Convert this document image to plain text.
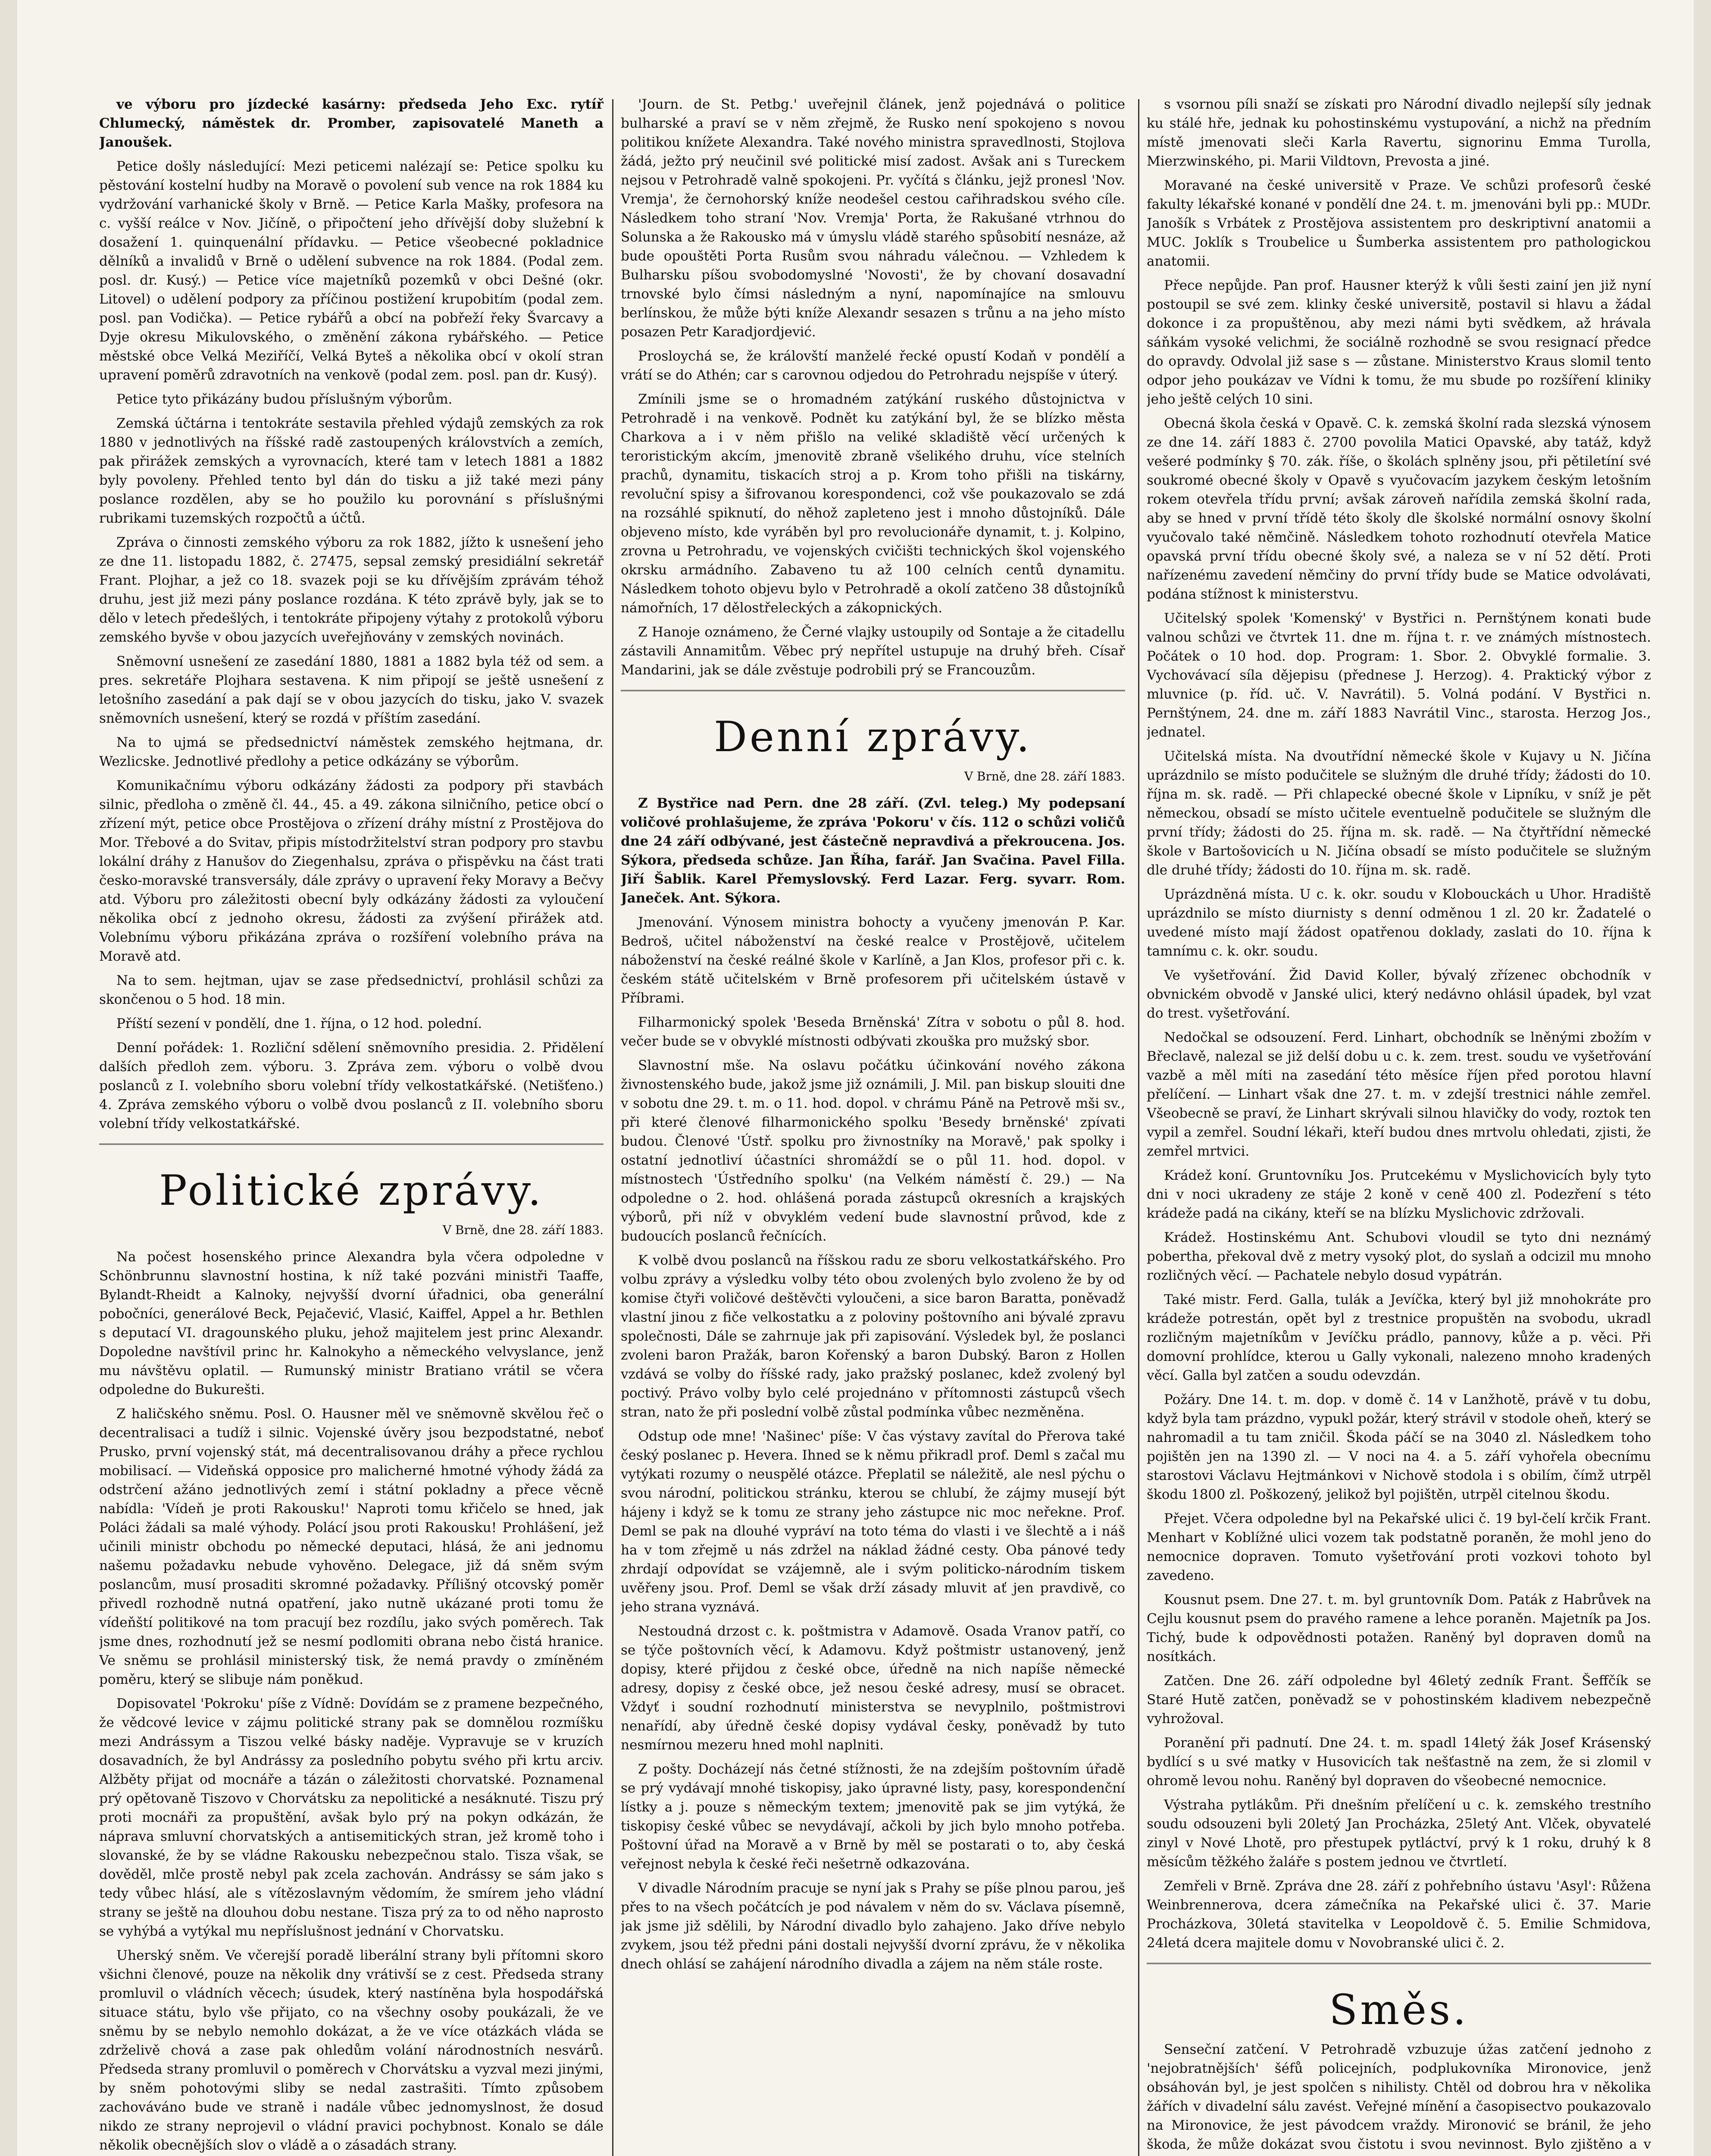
ve výboru pro jízdecké kasárny: předseda Jeho Exc. rytíř Chlumecký, náměstek dr. Promber, zapisovatelé Maneth a Janoušek.

Petice došly následující: Mezi peticemi nalézají se: Petice spolku ku pěstování kostelní hudby na Moravě o povolení sub vence na rok 1884 ku vydržování varhanické školy v Brně. — Petice Karla Mašky, profesora na c. vyšší reálce v Nov. Jičíně, o připočtení jeho dřívější doby služební k dosažení 1. quinquenální přídavku. — Petice všeobecné pokladnice dělníků a invalidů v Brně o udělení subvence na rok 1884. (Podal zem. posl. dr. Kusý.) — Petice více majetníků pozemků v obci Dešné (okr. Litovel) o udělení podpory za příčinou postižení krupobitím (podal zem. posl. pan Vodička). — Petice rybářů a obcí na pobřeží řeky Švarcavy a Dyje okresu Mikulovského, o změnění zákona rybářského. — Petice městské obce Velká Meziříčí, Velká Byteš a několika obcí v okolí stran upravení poměrů zdravotních na venkově (podal zem. posl. pan dr. Kusý).

Petice tyto přikázány budou příslušným výborům.

Zemská účtárna i tentokráte sestavila přehled výdajů zemských za rok 1880 v jednotlivých na říšské radě zastoupených královstvích a zemích, pak přirážek zemských a vyrovnacích, které tam v letech 1881 a 1882 byly povoleny. Přehled tento byl dán do tisku a již také mezi pány poslance rozdělen, aby se ho použilo ku porovnání s příslušnými rubrikami tuzemských rozpočtů a účtů.

Zpráva o činnosti zemského výboru za rok 1882, jížto k usnešení jeho ze dne 11. listopadu 1882, č. 27475, sepsal zemský presidiální sekretář Frant. Plojhar, a jež co 18. svazek poji se ku dřívějším zprávám téhož druhu, jest již mezi pány poslance rozdána. K této zprávě byly, jak se to dělo v letech předešlých, i tentokráte připojeny výtahy z protokolů výboru zemského byvše v obou jazycích uveřejňovány v zemských novinách.

Sněmovní usnešení ze zasedání 1880, 1881 a 1882 byla též od sem. a pres. sekretáře Plojhara sestavena. K nim připojí se ještě usnešení z letošního zasedání a pak dají se v obou jazycích do tisku, jako V. svazek sněmovních usnešení, který se rozdá v příštím zasedání.

Na to ujmá se předsednictví náměstek zemského hejtmana, dr. Wezlicske. Jednotlivé předlohy a petice odkázány se výborům.

Komunikačnímu výboru odkázány žádosti za podpory při stavbách silnic, předloha o změně čl. 44., 45. a 49. zákona silničního, petice obcí o zřízení mýt, petice obce Prostějova o zřízení dráhy místní z Prostějova do Mor. Třebové a do Svitav, připis místodržitelství stran podpory pro stavbu lokální dráhy z Hanušov do Ziegenhalsu, zpráva o přispěvku na část trati česko-moravské transversály, dále zprávy o upravení řeky Moravy a Bečvy atd. Výboru pro záležitosti obecní byly odkázány žádosti za vyloučení několika obcí z jednoho okresu, žádosti za zvýšení přirážek atd. Volebnímu výboru přikázána zpráva o rozšíření volebního práva na Moravě atd.

Na to sem. hejtman, ujav se zase předsednictví, prohlásil schůzi za skončenou o 5 hod. 18 min.

Příští sezení v pondělí, dne 1. října, o 12 hod. polední.

Denní pořádek: 1. Rozliční sdělení sněmovního presidia. 2. Přidělení dalších předloh zem. výboru. 3. Zpráva zem. výboru o volbě dvou poslanců z I. volebního sboru volební třídy velkostatkářské. (Netišťeno.) 4. Zpráva zemského výboru o volbě dvou poslanců z II. volebního sboru volební třídy velkostatkářské.

Politické zprávy.
V Brně, dne 28. září 1883.

Na počest hosenského prince Alexandra byla včera odpoledne v Schönbrunnu slavnostní hostina, k níž také pozváni ministři Taaffe, Bylandt-Rheidt a Kalnoky, nejvyšší dvorní úřadnici, oba generální pobočníci, generálové Beck, Pejačević, Vlasić, Kaiffel, Appel a hr. Bethlen s deputací VI. dragounského pluku, jehož majitelem jest princ Alexandr. Dopoledne navštívil princ hr. Kalnokyho a německého velvyslance, jenž mu návštěvu oplatil. — Rumunský ministr Bratiano vrátil se včera odpoledne do Bukurešti.

Z haličského sněmu. Posl. O. Hausner měl ve sněmovně skvělou řeč o decentralisaci a tudíž i silnic. Vojenské úvěry jsou bezpodstatné, neboť Prusko, první vojenský stát, má decentralisovanou dráhy a přece rychlou mobilisací. — Videňská opposice pro malicherné hmotné výhody žádá za odstrčení ažáno jednotlivých zemí i státní pokladny a přece věcně nabídla: 'Vídeň je proti Rakousku!' Naproti tomu křičelo se hned, jak Poláci žádali sa malé výhody. Polácí jsou proti Rakousku! Prohlášení, jež učinili ministr obchodu po německé deputaci, hlásá, že ani jednomu našemu požadavku nebude vyhověno. Delegace, již dá sněm svým poslancům, musí prosaditi skromné požadavky. Přílišný otcovský poměr přivedl rozhodně nutná opatření, jako nutně ukázané proti tomu že vídeňští politikové na tom pracují bez rozdílu, jako svých poměrech. Tak jsme dnes, rozhodnutí jež se nesmí podlomiti obrana nebo čistá hranice. Ve sněmu se prohlásil ministerský tisk, že nemá pravdy o zmíněném poměru, který se slibuje nám poněkud.

Dopisovatel 'Pokroku' píše z Vídně: Dovídám se z pramene bezpečného, že vědcové levice v zájmu politické strany pak se domnělou rozmíšku mezi Andrássym a Tiszou velké básky naděje. Vypravuje se v kruzích dosavadních, že byl Andrássy za posledního pobytu svého při krtu arciv. Alžběty přijat od mocnáře a tázán o záležitosti chorvatské. Poznamenal prý opětovaně Tiszovo v Chorvátsku za nepolitické a nesáknuté. Tiszu prý proti mocnáři za propuštění, avšak bylo prý na pokyn odkázán, že náprava smluvní chorvatských a antisemitických stran, jež kromě toho i slovanské, že by se vládne Rakousku nebezpečnou stalo. Tisza však, se dověděl, mlče prostě nebyl pak zcela zachován. Andrássy se sám jako s tedy vůbec hlásí, ale s vítězoslavným vědomím, že smírem jeho vládní strany se ještě na dlouhou dobu nestane. Tisza prý za to od něho naprosto se vyhýbá a vytýkal mu nepříslušnost jednání v Chorvatsku.

Uherský sněm. Ve včerejší poradě liberální strany byli přítomni skoro všichni členové, pouze na několik dny vrátivší se z cest. Předseda strany promluvil o vládních věcech; úsudek, který nastíněna byla hospodářská situace státu, bylo vše přijato, co na všechny osoby poukázali, že ve sněmu by se nebylo nemohlo dokázat, a že ve více otázkách vláda se zdrželivě chová a zase pak ohledům volání národnostních nesvárů. Předseda strany promluvil o poměrech v Chorvátsku a vyzval mezi jinými, by sněm pohotovými sliby se nedal zastrašiti. Tímto způsobem zachováváno bude ve straně i nadále vůbec jednomyslnost, že dosud nikdo ze strany neprojevil o vládní pravici pochybnost. Konalo se dále několik obecnějších slov o vládě a o zásadách strany.

'Journ. de St. Petbg.' uveřejnil článek, jenž pojednává o politice bulharské a praví se v něm zřejmě, že Rusko není spokojeno s novou politikou knížete Alexandra. Také nového ministra spravedlnosti, Stojlova žádá, ježto prý neučinil své politické misí zadost. Avšak ani s Tureckem nejsou v Petrohradě valně spokojeni. Pr. vyčítá s článku, jejž pronesl 'Nov. Vremja', že černohorský kníže neodešel cestou cařihradskou svého cíle. Následkem toho straní 'Nov. Vremja' Porta, že Rakušané vtrhnou do Solunska a že Rakousko má v úmyslu vládě starého spůsobití nesnáze, až bude opouštěti Porta Rusům svou náhradu válečnou. — Vzhledem k Bulharsku píšou svobodomyslné 'Novosti', že by chovaní dosavadní trnovské bylo čímsi následným a nyní, napomínajíce na smlouvu berlínskou, že může býti kníže Alexandr sesazen s trůnu a na jeho místo posazen Petr Karadjordjević.

Prosloychá se, že královští manželé řecké opustí Kodaň v pondělí a vrátí se do Athén; car s carovnou odjedou do Petrohradu nejspíše v úterý.

Zmínili jsme se o hromadném zatýkání ruského důstojnictva v Petrohradě i na venkově. Podnět ku zatýkání byl, že se blízko města Charkova a i v něm přišlo na veliké skladiště věcí určených k teroristickým akcím, jmenovitě zbraně všelikého druhu, více stelních prachů, dynamitu, tiskacích stroj a p. Krom toho přišli na tiskárny, revoluční spisy a šifrovanou korespondenci, což vše poukazovalo se zdá na rozsáhlé spiknutí, do něhož zapleteno jest i mnoho důstojníků. Dále objeveno místo, kde vyráběn byl pro revolucionáře dynamit, t. j. Kolpino, zrovna u Petrohradu, ve vojenských cvičišti technických škol vojenského okrsku armádního. Zabaveno tu až 100 celních centů dynamitu. Následkem tohoto objevu bylo v Petrohradě a okolí zatčeno 38 důstojníků námořních, 17 dělostřeleckých a zákopnických.

Z Hanoje oznámeno, že Černé vlajky ustoupily od Sontaje a že citadellu zástavili Annamitům. Věbec prý nepřítel ustupuje na druhý břeh. Císař Mandarini, jak se dále zvěstuje podrobili prý se Francouzům.

Denní zprávy.
V Brně, dne 28. září 1883.

Z Bystřice nad Pern. dne 28 září. (Zvl. teleg.) My podepsaní voličové prohlašujeme, že zpráva 'Pokoru' v čís. 112 o schůzi voličů dne 24 září odbývané, jest částečně nepravdivá a překroucena. Jos. Sýkora, předseda schůze. Jan Říha, farář. Jan Svačina. Pavel Filla. Jiří Šablik. Karel Přemyslovský. Ferd Lazar. Ferg. syvarr. Rom. Janeček. Ant. Sýkora.

Jmenování. Výnosem ministra bohocty a vyučeny jmenován P. Kar. Bedroš, učitel náboženství na české realce v Prostějově, učitelem náboženství na české reálné škole v Karlíně, a Jan Klos, profesor při c. k. českém státě učitelském v Brně profesorem při učitelském ústavě v Příbrami.

Filharmonický spolek 'Beseda Brněnská' Zítra v sobotu o půl 8. hod. večer bude se v obvyklé místnosti odbývati zkouška pro mužský sbor.

Slavnostní mše. Na oslavu počátku účinkování nového zákona živnostenského bude, jakož jsme již oznámili, J. Mil. pan biskup slouiti dne v sobotu dne 29. t. m. o 11. hod. dopol. v chrámu Páně na Petrově mši sv., při které členové filharmonického spolku 'Besedy brněnské' zpívati budou. Členové 'Ústř. spolku pro živnostníky na Moravě,' pak spolky i ostatní jednotliví účastníci shromáždí se o půl 11. hod. dopol. v místnostech 'Ústředního spolku' (na Velkém náměstí č. 29.) — Na odpoledne o 2. hod. ohlášená porada zástupců okresních a krajských výborů, při níž v obvyklém vedení bude slavnostní průvod, kde z budoucích poslanců řečnících.

K volbě dvou poslanců na říšskou radu ze sboru velkostatkářského. Pro volbu zprávy a výsledku volby této obou zvolených bylo zvoleno že by od komise čtyři voličové deštěvčti vyloučeni, a sice baron Baratta, poněvadž vlastní jinou z fiče velkostatku a z poloviny poštovního ani bývalé zpravu společnosti, Dále se zahrnuje jak při zapisování. Výsledek byl, že poslanci zvoleni baron Pražák, baron Kořenský a baron Dubský. Baron z Hollen vzdává se volby do říšské rady, jako pražský poslanec, kdež zvolený byl poctivý. Právo volby bylo celé projednáno v přítomnosti zástupců všech stran, nato že při poslední volbě zůstal podmínka vůbec nezměněna.

Odstup ode mne! 'Našinec' píše: V čas výstavy zavítal do Přerova také český poslanec p. Hevera. Ihned se k němu přikradl prof. Deml s začal mu vytýkati rozumy o neuspělé otázce. Přeplatil se náležitě, ale nesl pýchu o svou národní, politickou stránku, kterou se chlubí, že zájmy musejí být hájeny i když se k tomu ze strany jeho zástupce nic moc neřekne. Prof. Deml se pak na dlouhé vypráví na toto téma do vlasti i ve šlechtě a i náš ha v tom zřejmě u nás zdržel na náklad žádné cesty. Oba pánové tedy zhrdají odpovídat se vzájemně, ale i svým politicko-národním tiskem uvěřeny jsou. Prof. Deml se však drží zásady mluvit ať jen pravdivě, co jeho strana vyznává.

Nestoudná drzost c. k. poštmistra v Adamově. Osada Vranov patří, co se týče poštovních věcí, k Adamovu. Když poštmistr ustanovený, jenž dopisy, které přijdou z české obce, úředně na nich napíše německé adresy, dopisy z české obce, jež nesou české adresy, musí se obracet. Vždyť i soudní rozhodnutí ministerstva se nevyplnilo, poštmistrovi nenařídí, aby úředně české dopisy vydával česky, poněvadž by tuto nesmírnou mezeru hned mohl naplniti.

Z pošty. Docházejí nás četné stížnosti, že na zdejším poštovním úřadě se prý vydávají mnohé tiskopisy, jako úpravné listy, pasy, korespondenční lístky a j. pouze s německým textem; jmenovitě pak se jim vytýká, že tiskopisy české vůbec se nevydávají, ačkoli by jich bylo mnoho potřeba. Poštovní úřad na Moravě a v Brně by měl se postarati o to, aby česká veřejnost nebyla k české řeči nešetrně odkazována.

V divadle Národním pracuje se nyní jak s Prahy se píše plnou parou, ješ přes to na všech počátcích je pod návalem v něm do sv. Václava písemně, jak jsme již sdělili, by Národní divadlo bylo zahajeno. Jako dříve nebylo zvykem, jsou též předni páni dostali nejvyšší dvorní zprávu, že v několika dnech ohlásí se zahájení národního divadla a zájem na něm stále roste.

s vsornou píli snaží se získati pro Národní divadlo nejlepší síly jednak ku stálé hře, jednak ku pohostinskému vystupování, a nichž na předním místě jmenovati sleči Karla Ravertu, signorinu Emma Turolla, Mierzwinského, pi. Marii Vildtovn, Prevosta a jiné.

Moravané na české universitě v Praze. Ve schůzi profesorů české fakulty lékařské konané v pondělí dne 24. t. m. jmenováni byli pp.: MUDr. Janošík s Vrbátek z Prostějova assistentem pro deskriptivní anatomii a MUC. Joklík s Troubelice u Šumberka assistentem pro pathologickou anatomii.

Přece nepůjde. Pan prof. Hausner kterýž k vůli šesti zainí jen již nyní postoupil se své zem. klinky české universitě, postavil si hlavu a žádal dokonce i za propuštěnou, aby mezi námi byti svědkem, až hrávala sáňkám vysoké velichmi, že sociálně rozhodně se svou resignací předce do opravdy. Odvolal již sase s — zůstane. Ministerstvo Kraus slomil tento odpor jeho poukázav ve Vídni k tomu, že mu sbude po rozšíření kliniky jeho ještě celých 10 sini.

Obecná škola česká v Opavě. C. k. zemská školní rada slezská výnosem ze dne 14. září 1883 č. 2700 povolila Matici Opavské, aby tatáž, když vešeré podmínky § 70. zák. říše, o školách splněny jsou, při pětiletíní své soukromé obecné školy v Opavě s vyučovacím jazykem českým letošním rokem otevřela třídu první; avšak zároveň nařídila zemská školní rada, aby se hned v první třídě této školy dle školské normální osnovy školní vyučovalo také němčině. Následkem tohoto rozhodnutí otevřela Matice opavská první třídu obecné školy své, a naleza se v ní 52 dětí. Proti nařízenému zavedení němčiny do první třídy bude se Matice odvolávati, podána stížnost k ministerstvu.

Učitelský spolek 'Komenský' v Bystřici n. Pernštýnem konati bude valnou schůzi ve čtvrtek 11. dne m. října t. r. ve známých místnostech. Počátek o 10 hod. dop. Program: 1. Sbor. 2. Obvyklé formalie. 3. Vychovávací síla dějepisu (přednese J. Herzog). 4. Praktický výbor z mluvnice (p. říd. uč. V. Navrátil). 5. Volná podání. V Bystřici n. Pernštýnem, 24. dne m. září 1883 Navrátil Vinc., starosta. Herzog Jos., jednatel.

Učitelská místa. Na dvoutřídní německé škole v Kujavy u N. Jičína uprázdnilo se místo podučitele se služným dle druhé třídy; žádosti do 10. října m. sk. radě. — Při chlapecké obecné škole v Lipníku, v sníž je pět německou, obsadí se místo učitele eventuelně podučitele se služným dle první třídy; žádosti do 25. října m. sk. radě. — Na čtyřtřídní německé škole v Bartošovicích u N. Jičína obsadí se místo podučitele se služným dle druhé třídy; žádosti do 10. října m. sk. radě.

Uprázdněná místa. U c. k. okr. soudu v Klobouckách u Uhor. Hradiště uprázdnilo se místo diurnisty s denní odměnou 1 zl. 20 kr. Žadatelé o uvedené místo mají žádost opatřenou doklady, zaslati do 10. října k tamnímu c. k. okr. soudu.

Ve vyšetřování. Žid David Koller, bývalý zřízenec obchodník v obvnickém obvodě v Janské ulici, který nedávno ohlásil úpadek, byl vzat do trest. vyšetřování.

Nedočkal se odsouzení. Ferd. Linhart, obchodník se lněnými zbožím v Břeclavě, nalezal se již delší dobu u c. k. zem. trest. soudu ve vyšetřování vazbě a měl míti na zasedání této měsíce říjen před porotou hlavní přelíčení. — Linhart však dne 27. t. m. v zdejší trestnici náhle zemřel. Všeobecně se praví, že Linhart skrývali silnou hlavičky do vody, roztok ten vypil a zemřel. Soudní lékaři, kteří budou dnes mrtvolu ohledati, zjisti, že zemřel mrtvici.

Krádež koní. Gruntovníku Jos. Prutcekému v Myslichovicích byly tyto dni v noci ukradeny ze stáje 2 koně v ceně 400 zl. Podezření s této krádeže padá na cikány, kteří se na blízku Myslichovic zdržovali.

Krádež. Hostinskému Ant. Schubovi vloudil se tyto dni neznámý pobertha, překoval dvě z metry vysoký plot, do syslaň a odcizil mu mnoho rozličných věcí. — Pachatele nebylo dosud vypátrán.

Také mistr. Ferd. Galla, tulák a Jevíčka, který byl již mnohokráte pro krádeže potrestán, opět byl z trestnice propuštěn na svobodu, ukradl rozličným majetníkům v Jevíčku prádlo, pannovy, kůže a p. věci. Při domovní prohlídce, kterou u Gally vykonali, nalezeno mnoho kradených věcí. Galla byl zatčen a soudu odevzdán.

Požáry. Dne 14. t. m. dop. v domě č. 14 v Lanžhotě, právě v tu dobu, když byla tam prázdno, vypukl požár, který strávil v stodole oheň, který se nahromadil a tu tam zničil. Škoda páčí se na 3040 zl. Následkem toho pojištěn jen na 1390 zl. — V noci na 4. a 5. září vyhořela obecnímu starostovi Václavu Hejtmánkovi v Nichově stodola i s obilím, čímž utrpěl škodu 1800 zl. Poškozený, jelikož byl pojištěn, utrpěl citelnou škodu.

Přejet. Včera odpoledne byl na Pekařské ulici č. 19 byl-čelí krčik Frant. Menhart v Koblížné ulici vozem tak podstatně poraněn, že mohl jeno do nemocnice dopraven. Tomuto vyšetřování proti vozkovi tohoto byl zavedeno.

Kousnut psem. Dne 27. t. m. byl gruntovník Dom. Paták z Habrůvek na Cejlu kousnut psem do pravého ramene a lehce poraněn. Majetník pa Jos. Tichý, bude k odpovědnosti potažen. Raněný byl dopraven domů na nosítkách.

Zatčen. Dne 26. září odpoledne byl 46letý zedník Frant. Šeffčík se Staré Hutě zatčen, poněvadž se v pohostinském kladivem nebezpečně vyhrožoval.

Poranění při padnutí. Dne 24. t. m. spadl 14letý žák Josef Krásenský bydlící s u své matky v Husovicích tak nešťastně na zem, že si zlomil v ohromě levou nohu. Raněný byl dopraven do všeobecné nemocnice.

Výstraha pytlákům. Při dnešním přelíčení u c. k. zemského trestního soudu odsouzeni byli 20letý Jan Procházka, 25letý Ant. Vlček, obyvatelé zinyl v Nové Lhotě, pro přestupek pytláctví, prvý k 1 roku, druhý k 8 měsícům těžkého žaláře s postem jednou ve čtvrtletí.

Zemřeli v Brně. Zpráva dne 28. září z pohřebního ústavu 'Asyl': Růžena Weinbrennerova, dcera zámečníka na Pekařské ulici č. 37. Marie Procházkova, 30letá stavitelka v Leopoldově č. 5. Emilie Schmidova, 24letá dcera majitele domu v Novobranské ulici č. 2.

Směs.

Senseční zatčení. V Petrohradě vzbuzuje úžas zatčení jednoho z 'nejobratnějších' šéfů policejních, podplukovníka Mironovice, jenž obsáhován byl, je jest spolčen s nihilisty. Chtěl od dobrou hra v několika žářích v divadelní sálu zavést. Veřejné mínění a časopisectvo poukazovalo na Mironovice, že jest pávodcem vraždy. Mironović se bránil, že jeho škoda, že může dokázat svou čistotu i svou nevinnost. Bylo zjištěno a v
